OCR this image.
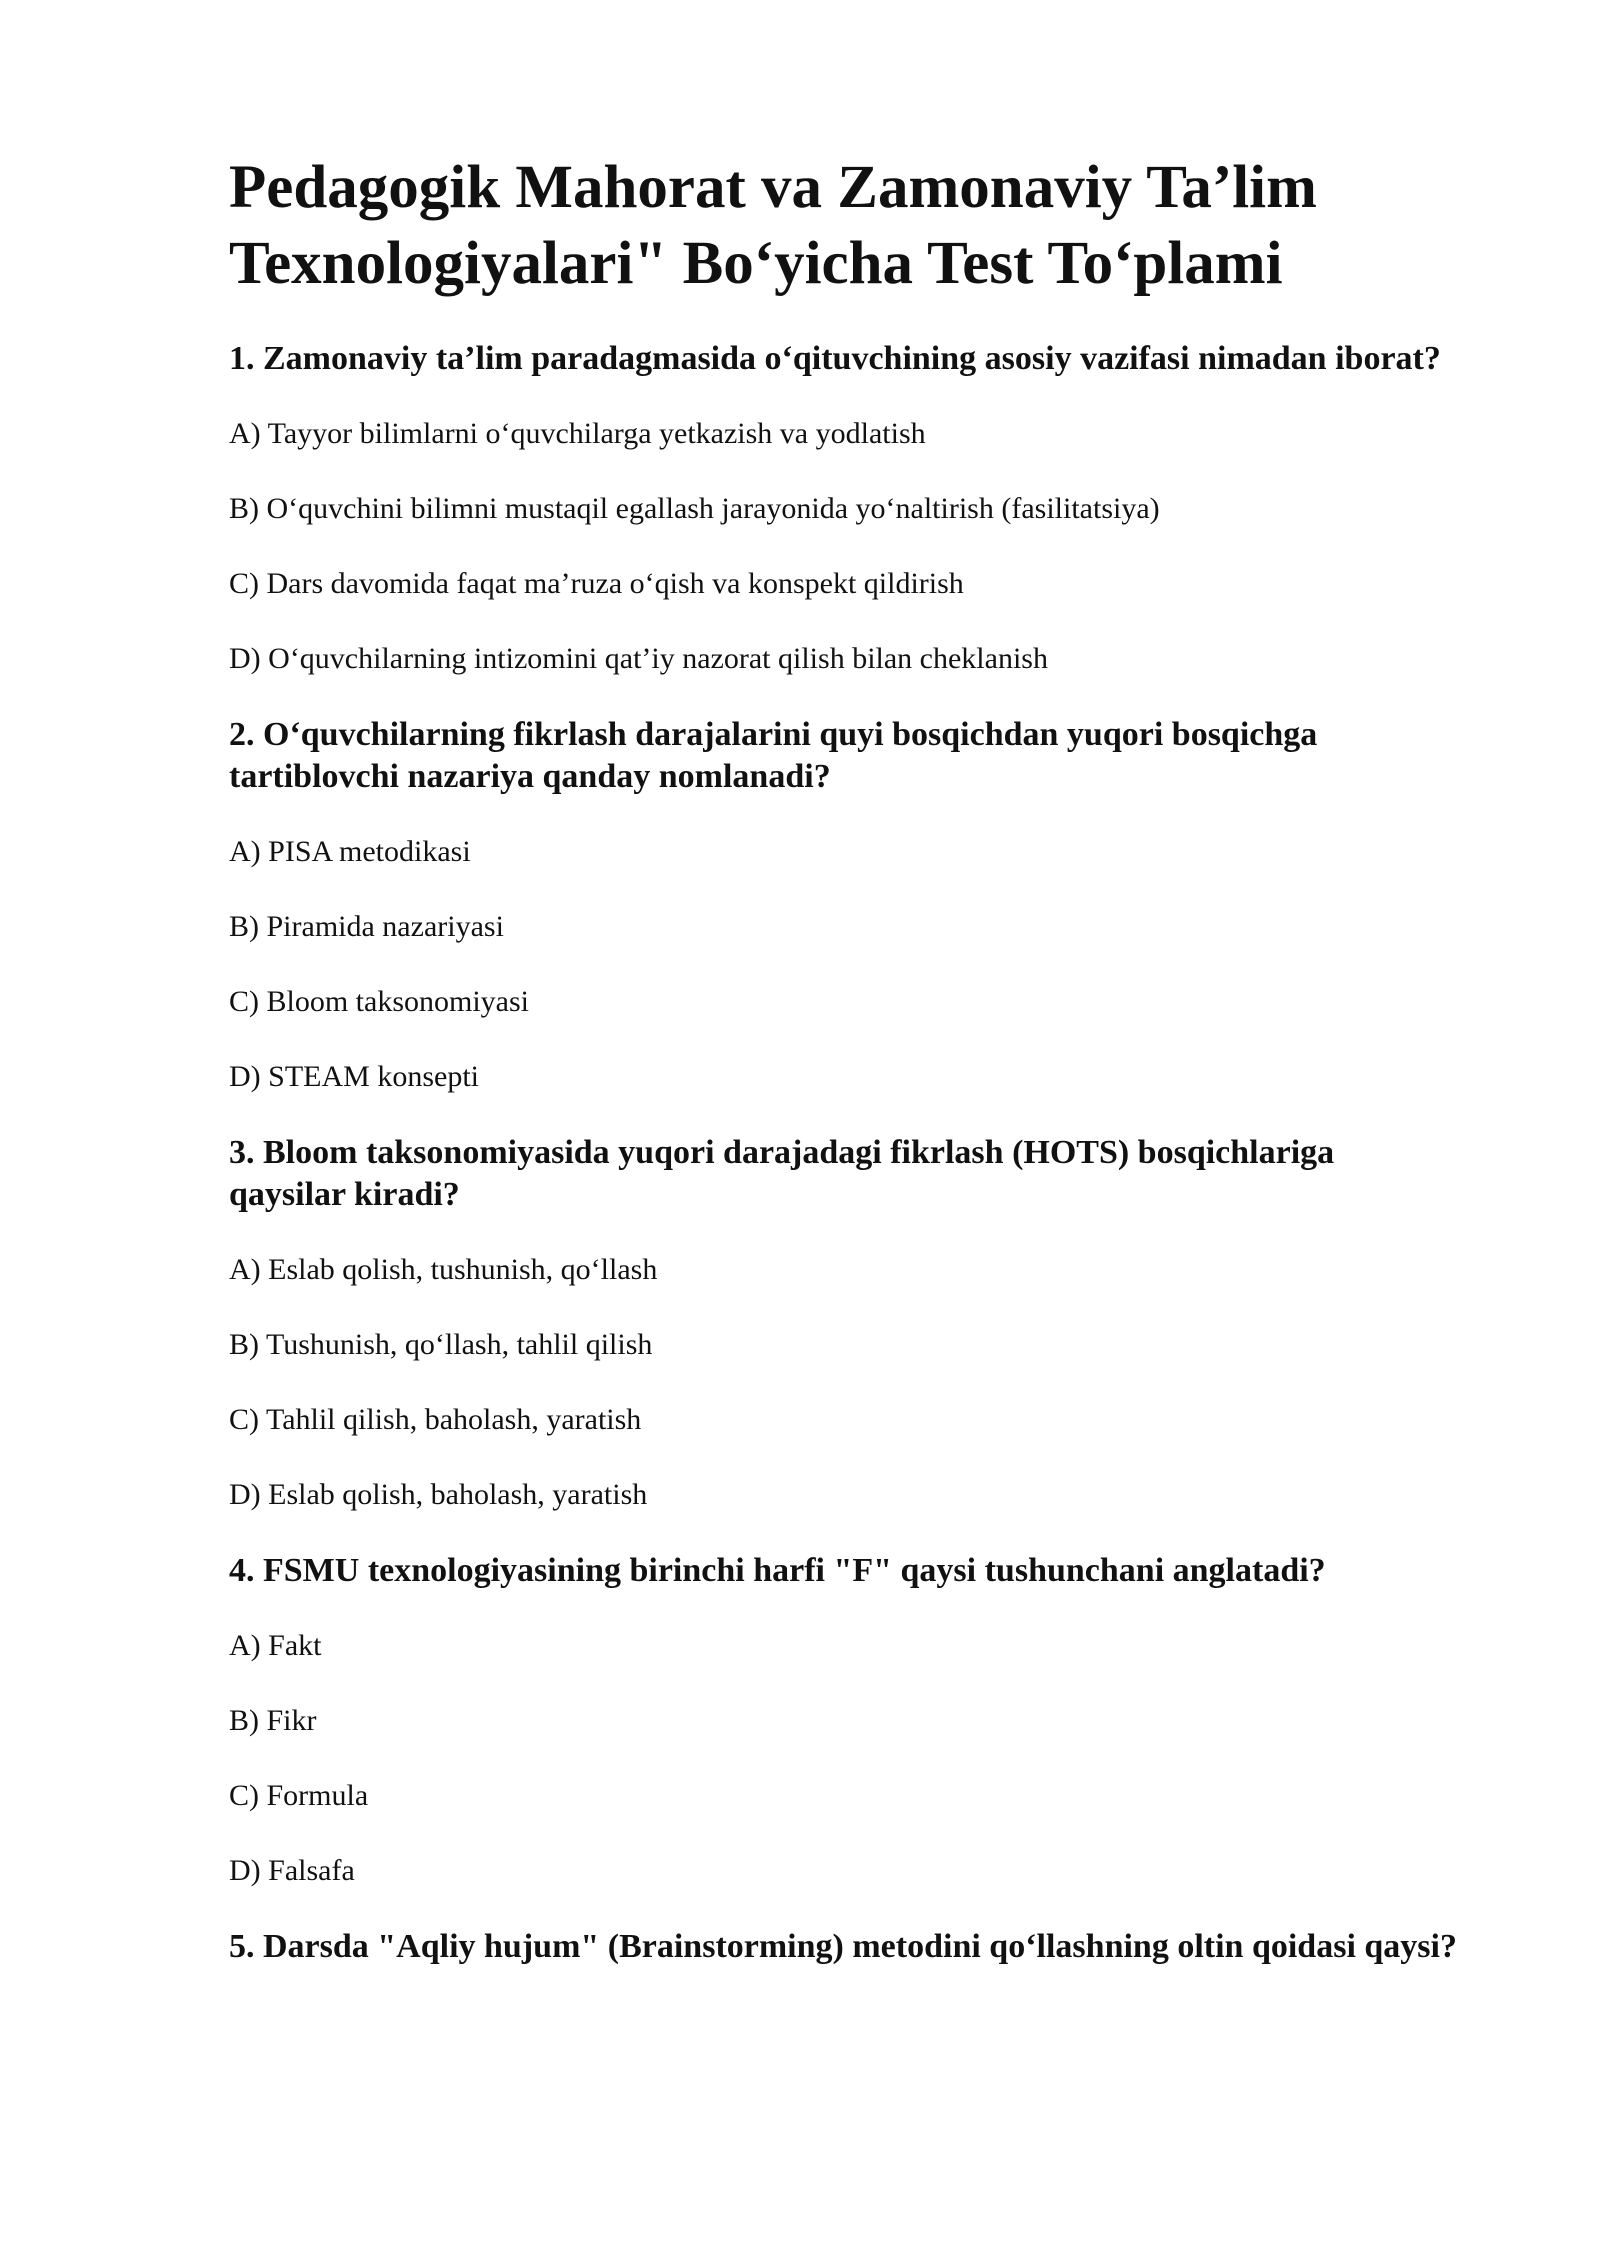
Pedagogik Mahorat va Zamonaviy Ta’lim Texnologiyalari" Bo‘yicha Test To‘plami

1. Zamonaviy ta’lim paradagmasida o‘qituvchining asosiy vazifasi nimadan iborat?

A) Tayyor bilimlarni o‘quvchilarga yetkazish va yodlatish

B) O‘quvchini bilimni mustaqil egallash jarayonida yo‘naltirish (fasilitatsiya)

C) Dars davomida faqat ma’ruza o‘qish va konspekt qildirish

D) O‘quvchilarning intizomini qat’iy nazorat qilish bilan cheklanish

2. O‘quvchilarning fikrlash darajalarini quyi bosqichdan yuqori bosqichga tartiblovchi nazariya qanday nomlanadi?

A) PISA metodikasi

B) Piramida nazariyasi

C) Bloom taksonomiyasi

D) STEAM konsepti

3. Bloom taksonomiyasida yuqori darajadagi fikrlash (HOTS) bosqichlariga qaysilar kiradi?

A) Eslab qolish, tushunish, qo‘llash

B) Tushunish, qo‘llash, tahlil qilish

C) Tahlil qilish, baholash, yaratish

D) Eslab qolish, baholash, yaratish

4. FSMU texnologiyasining birinchi harfi "F" qaysi tushunchani anglatadi?

A) Fakt

B) Fikr

C) Formula

D) Falsafa

5. Darsda "Aqliy hujum" (Brainstorming) metodini qo‘llashning oltin qoidasi qaysi?
